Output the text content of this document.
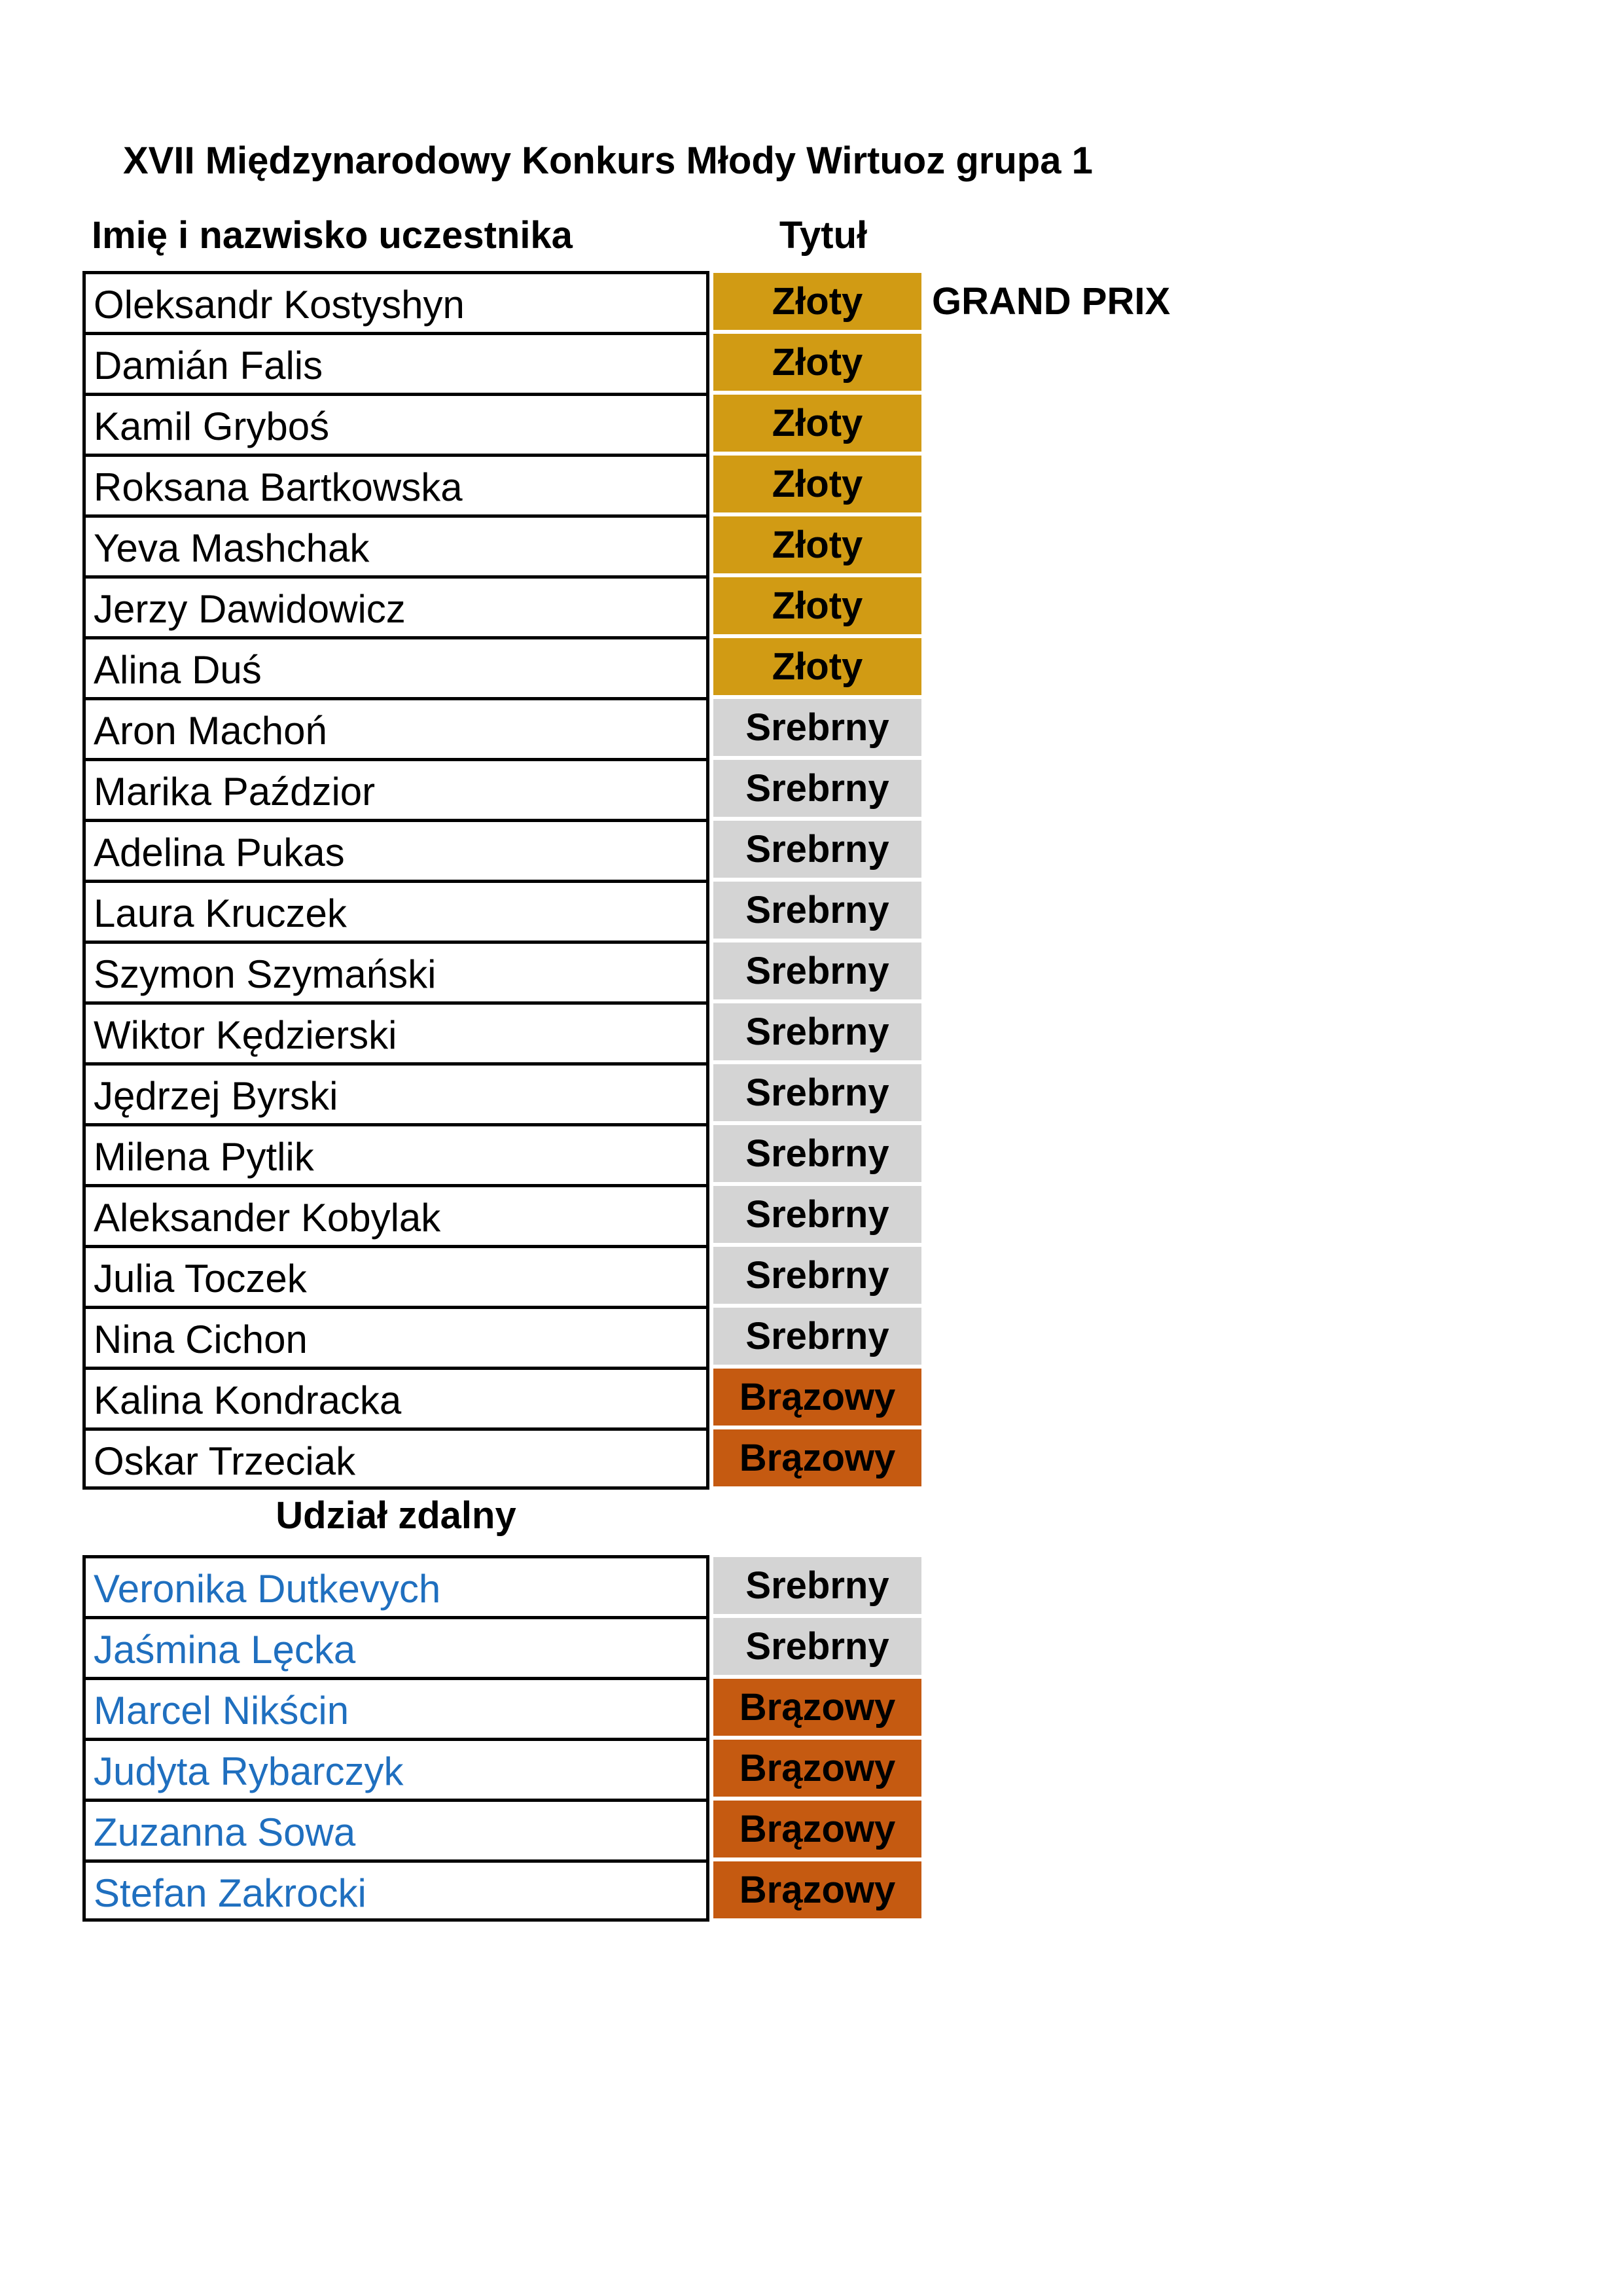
XVII Międzynarodowy Konkurs Młody Wirtuoz grupa 1
Imię i nazwisko uczestnika	Tytuł
Oleksandr Kostyshyn	Złoty	GRAND PRIX
Damián Falis	Złoty
Kamil Gryboś	Złoty
Roksana Bartkowska	Złoty
Yeva Mashchak	Złoty
Jerzy Dawidowicz	Złoty
Alina Duś	Złoty
Aron Machoń	Srebrny
Marika Paździor	Srebrny
Adelina Pukas	Srebrny
Laura Kruczek	Srebrny
Szymon Szymański	Srebrny
Wiktor Kędzierski	Srebrny
Jędrzej Byrski	Srebrny
Milena Pytlik	Srebrny
Aleksander Kobylak	Srebrny
Julia Toczek	Srebrny
Nina Cichon	Srebrny
Kalina Kondracka	Brązowy
Oskar Trzeciak	Brązowy
Udział zdalny
Veronika Dutkevych	Srebrny
Jaśmina Lęcka	Srebrny
Marcel Nikścin	Brązowy
Judyta Rybarczyk	Brązowy
Zuzanna Sowa	Brązowy
Stefan Zakrocki	Brązowy
